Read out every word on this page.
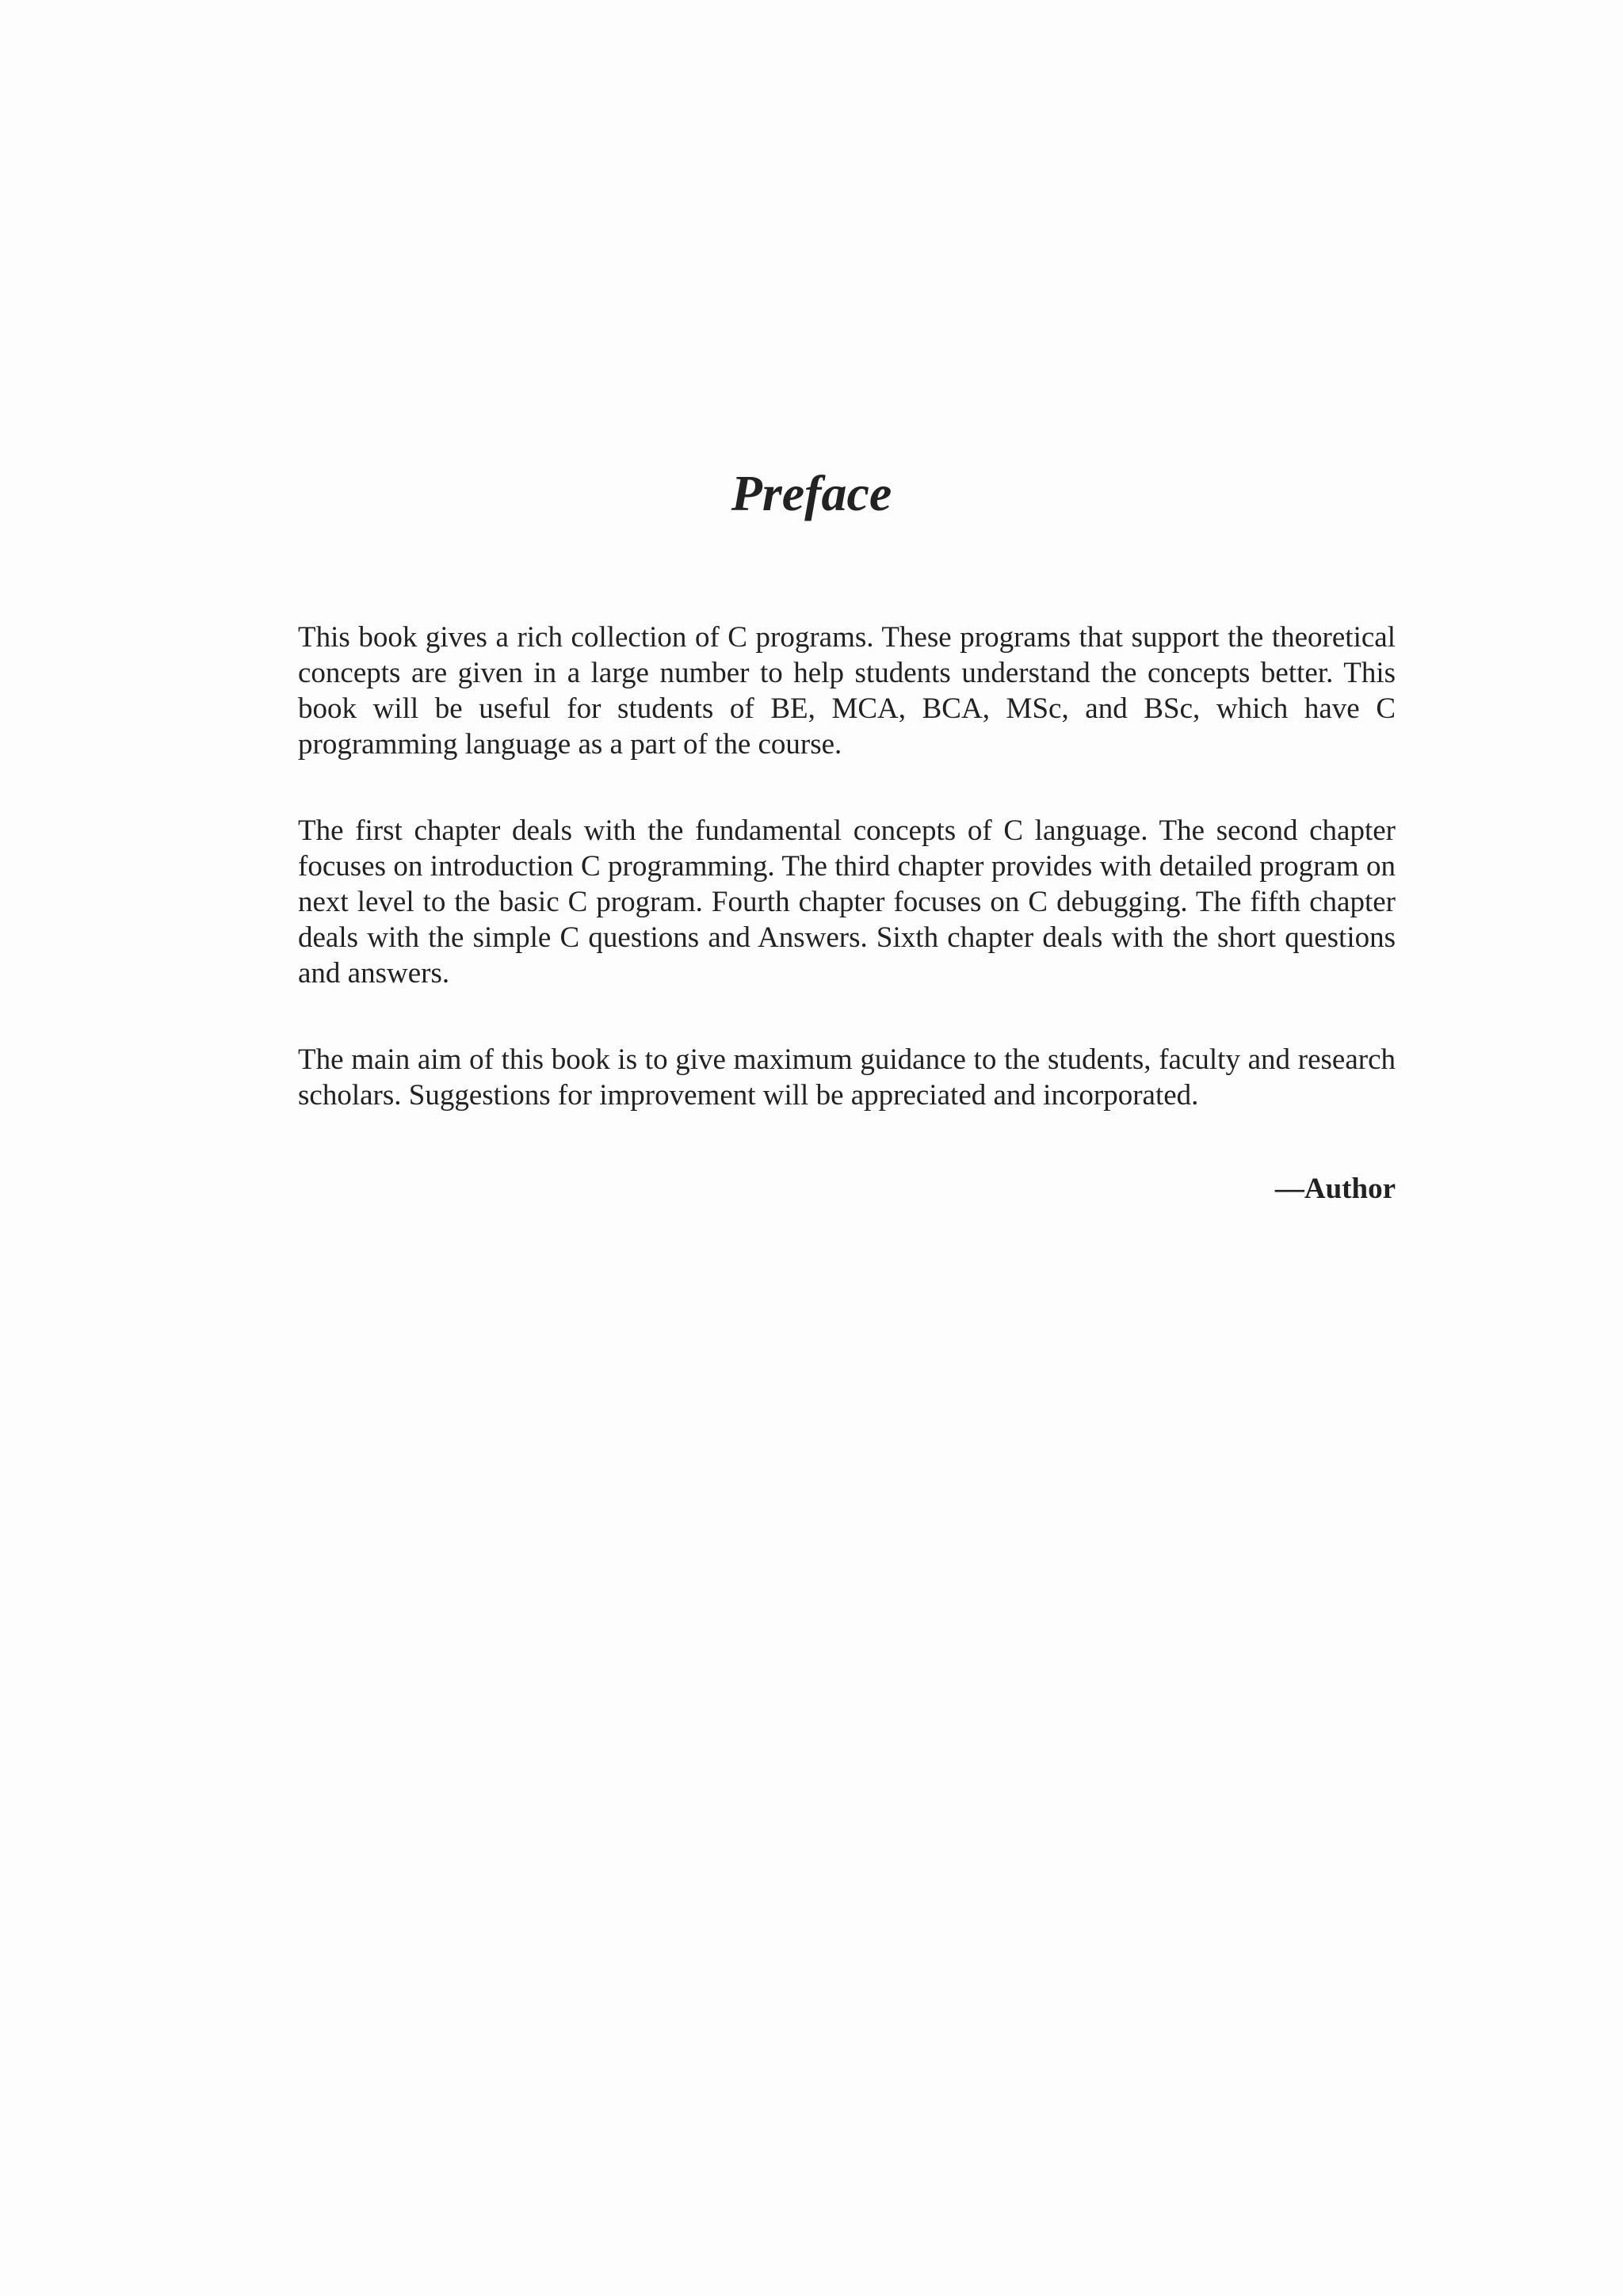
Preface

This book gives a rich collection of C programs. These programs that support the theoretical concepts are given in a large number to help students understand the concepts better. This book will be useful for students of BE, MCA, BCA, MSc, and BSc, which have C programming language as a part of the course.

The first chapter deals with the fundamental concepts of C language. The second chapter focuses on introduction C programming. The third chapter provides with detailed program on next level to the basic C program. Fourth chapter focuses on C debugging. The fifth chapter deals with the simple C questions and Answers. Sixth chapter deals with the short questions and answers.

The main aim of this book is to give maximum guidance to the students, faculty and research scholars. Suggestions for improvement will be appreciated and incorporated.

—Author
